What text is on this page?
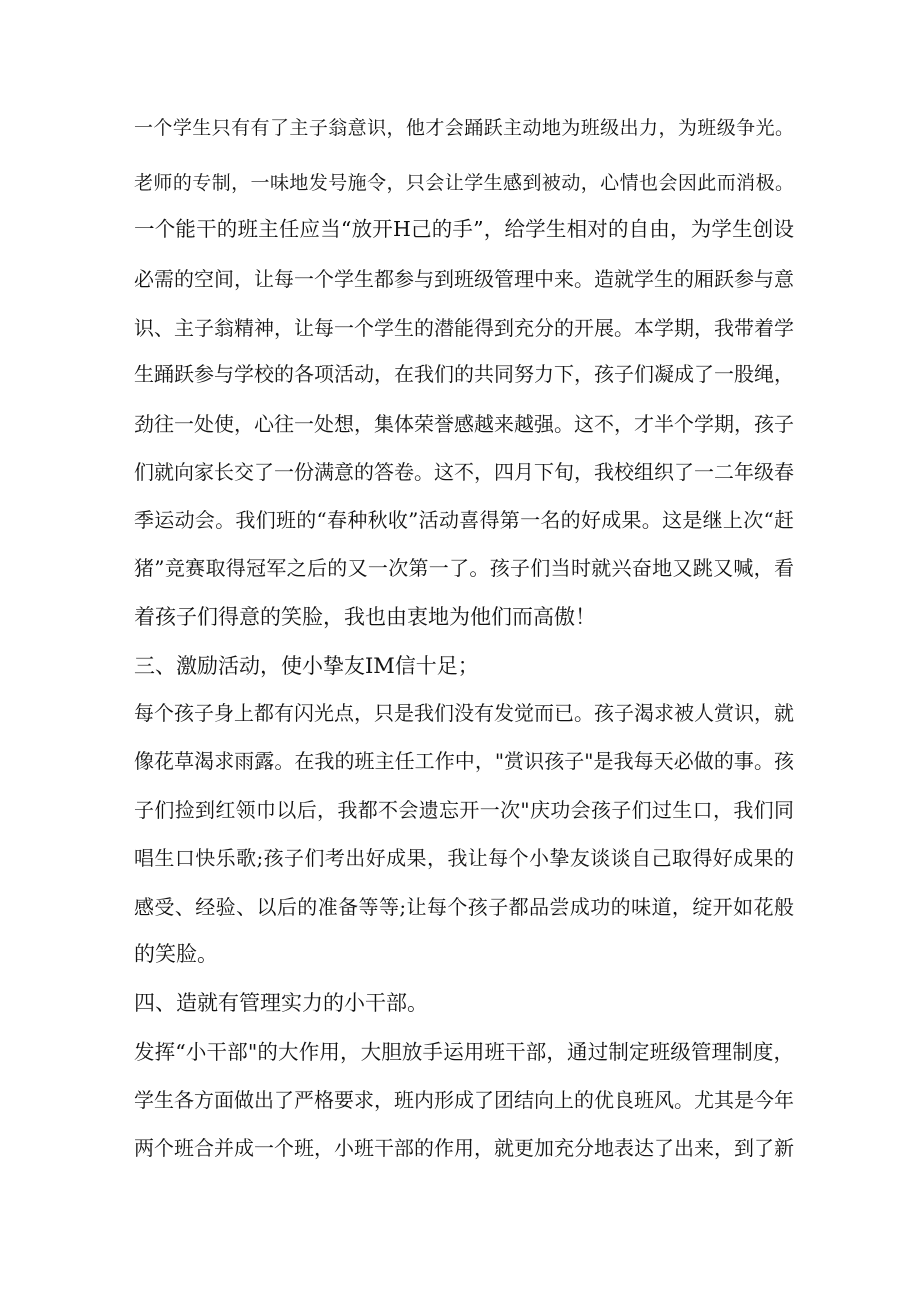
一个学生只有有了主子翁意识，他才会踊跃主动地为班级出力，为班级争光。

老师的专制，一味地发号施令，只会让学生感到被动，心情也会因此而消极。

一个能干的班主任应当“放开H己的手”，给学生相对的自由，为学生创设

必需的空间，让每一个学生都参与到班级管理中来。造就学生的厢跃参与意

识、主子翁精神，让每一个学生的潜能得到充分的开展。本学期，我带着学

生踊跃参与学校的各项活动，在我们的共同努力下，孩子们凝成了一股绳，

劲往一处使，心往一处想，集体荣誉感越来越强。这不，才半个学期，孩子

们就向家长交了一份满意的答卷。这不，四月下旬，我校组织了一二年级春

季运动会。我们班的“春种秋收”活动喜得第一名的好成果。这是继上次“赶

猪”竞赛取得冠军之后的又一次第一了。孩子们当时就兴奋地又跳又喊，看

着孩子们得意的笑脸，我也由衷地为他们而高傲！

三、激励活动，使小挚友IM信十足；

每个孩子身上都有闪光点，只是我们没有发觉而已。孩子渴求被人赏识，就

像花草渴求雨露。在我的班主任工作中，"赏识孩子"是我每天必做的事。孩

子们捡到红领巾以后，我都不会遗忘开一次"庆功会孩子们过生口，我们同

唱生口快乐歌;孩子们考出好成果，我让每个小挚友谈谈自己取得好成果的

感受、经验、以后的准备等等;让每个孩子都品尝成功的味道，绽开如花般

的笑脸。

四、造就有管理实力的小干部。

发挥“小干部"的大作用，大胆放手运用班干部，通过制定班级管理制度，

学生各方面做出了严格要求，班内形成了团结向上的优良班风。尤其是今年

两个班合并成一个班，小班干部的作用，就更加充分地表达了出来，到了新
